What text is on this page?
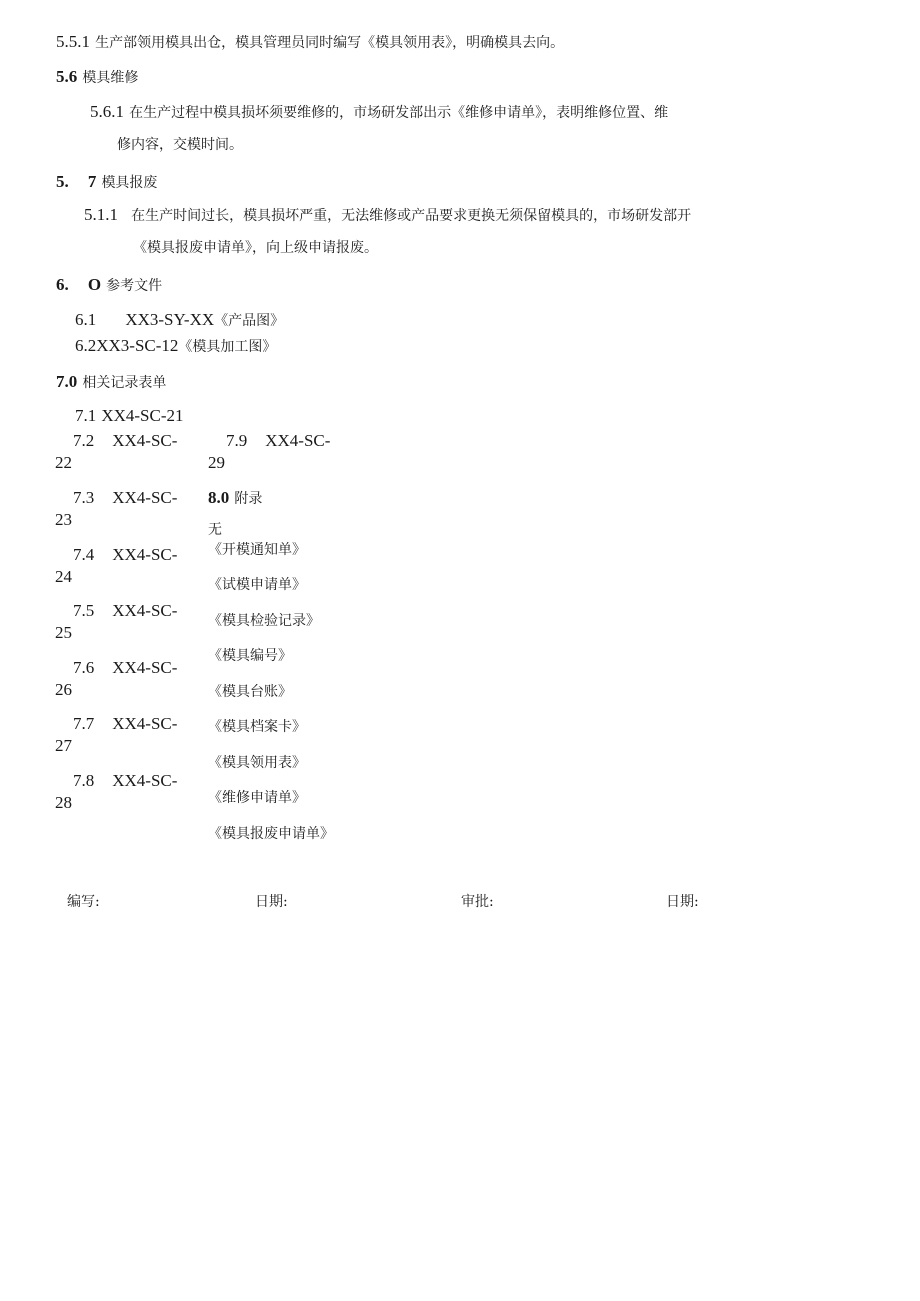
5.5.1 生产部领用模具出仓，模具管理员同时编写《模具领用表》，明确模具去向。
5.6 模具维修
5.6.1 在生产过程中模具损坏须要维修的，市场研发部出示《维修申请单》，表明维修位置、维
修内容，交模时间。
5. 7 模具报废
5.1.1 在生产时间过长，模具损坏严重，无法维修或产品要求更换无须保留模具的，市场研发部开
《模具报废申请单》，向上级申请报废。
6. O 参考文件
6.1 XX3-SY-XX《产品图》
6.2XX3-SC-12《模具加工图》
7.0 相关记录表单
7.1 XX4-SC-21
7.2 XX4-SC-
22
7.3 XX4-SC-
23
7.4 XX4-SC-
24
7.5 XX4-SC-
25
7.6 XX4-SC-
26
7.7 XX4-SC-
27
7.8 XX4-SC-
28
7.9 XX4-SC-
29
8.0 附录
无
《开模通知单》
《试模申请单》
《模具检验记录》
《模具编号》
《模具台账》
《模具档案卡》
《模具领用表》
《维修申请单》
《模具报废申请单》
编写:	日期:	审批:	日期:
